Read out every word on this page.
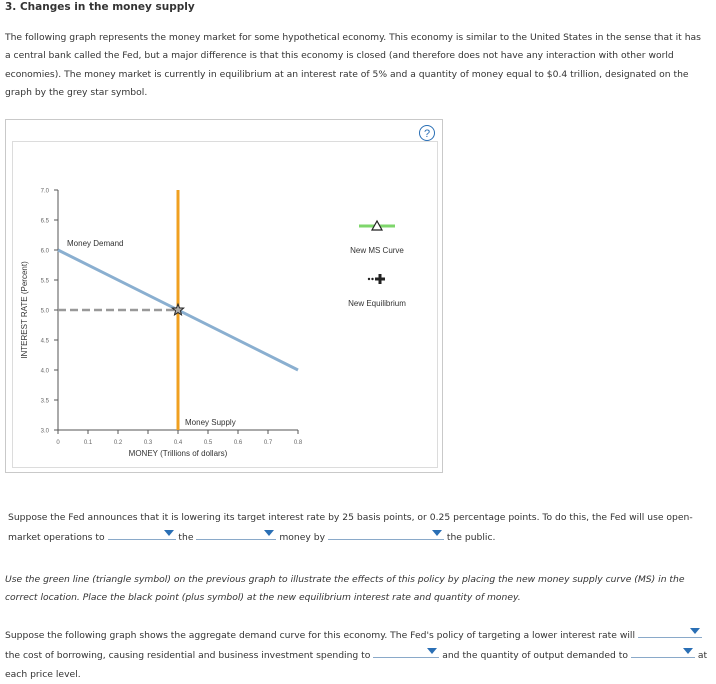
3. Changes in the money supply
The following graph represents the money market for some hypothetical economy. This economy is similar to the United States in the sense that it has a central bank called the Fed, but a major difference is that this economy is closed (and therefore does not have any interaction with other world economies). The money market is currently in equilibrium at an interest rate of 5% and a quantity of money equal to $0.4 trillion, designated on the graph by the grey star symbol.
?
3.0
3.5
4.0
4.5
5.0
5.5
6.0
6.5
7.0
0	0.1	0.2	0.3	0.4	0.5	0.6	0.7	0.8
MONEY (Trillions of dollars)
INTEREST RATE (Percent)
Money Demand
Money Supply
New MS Curve
New Equilibrium
Suppose the Fed announces that it is lowering its target interest rate by 25 basis points, or 0.25 percentage points. To do this, the Fed will use open-market operations to	the	money by	the public.
Use the green line (triangle symbol) on the previous graph to illustrate the effects of this policy by placing the new money supply curve (MS) in the correct location. Place the black point (plus symbol) at the new equilibrium interest rate and quantity of money.
Suppose the following graph shows the aggregate demand curve for this economy. The Fed's policy of targeting a lower interest rate will
the cost of borrowing, causing residential and business investment spending to	and the quantity of output demanded to	at each price level.
